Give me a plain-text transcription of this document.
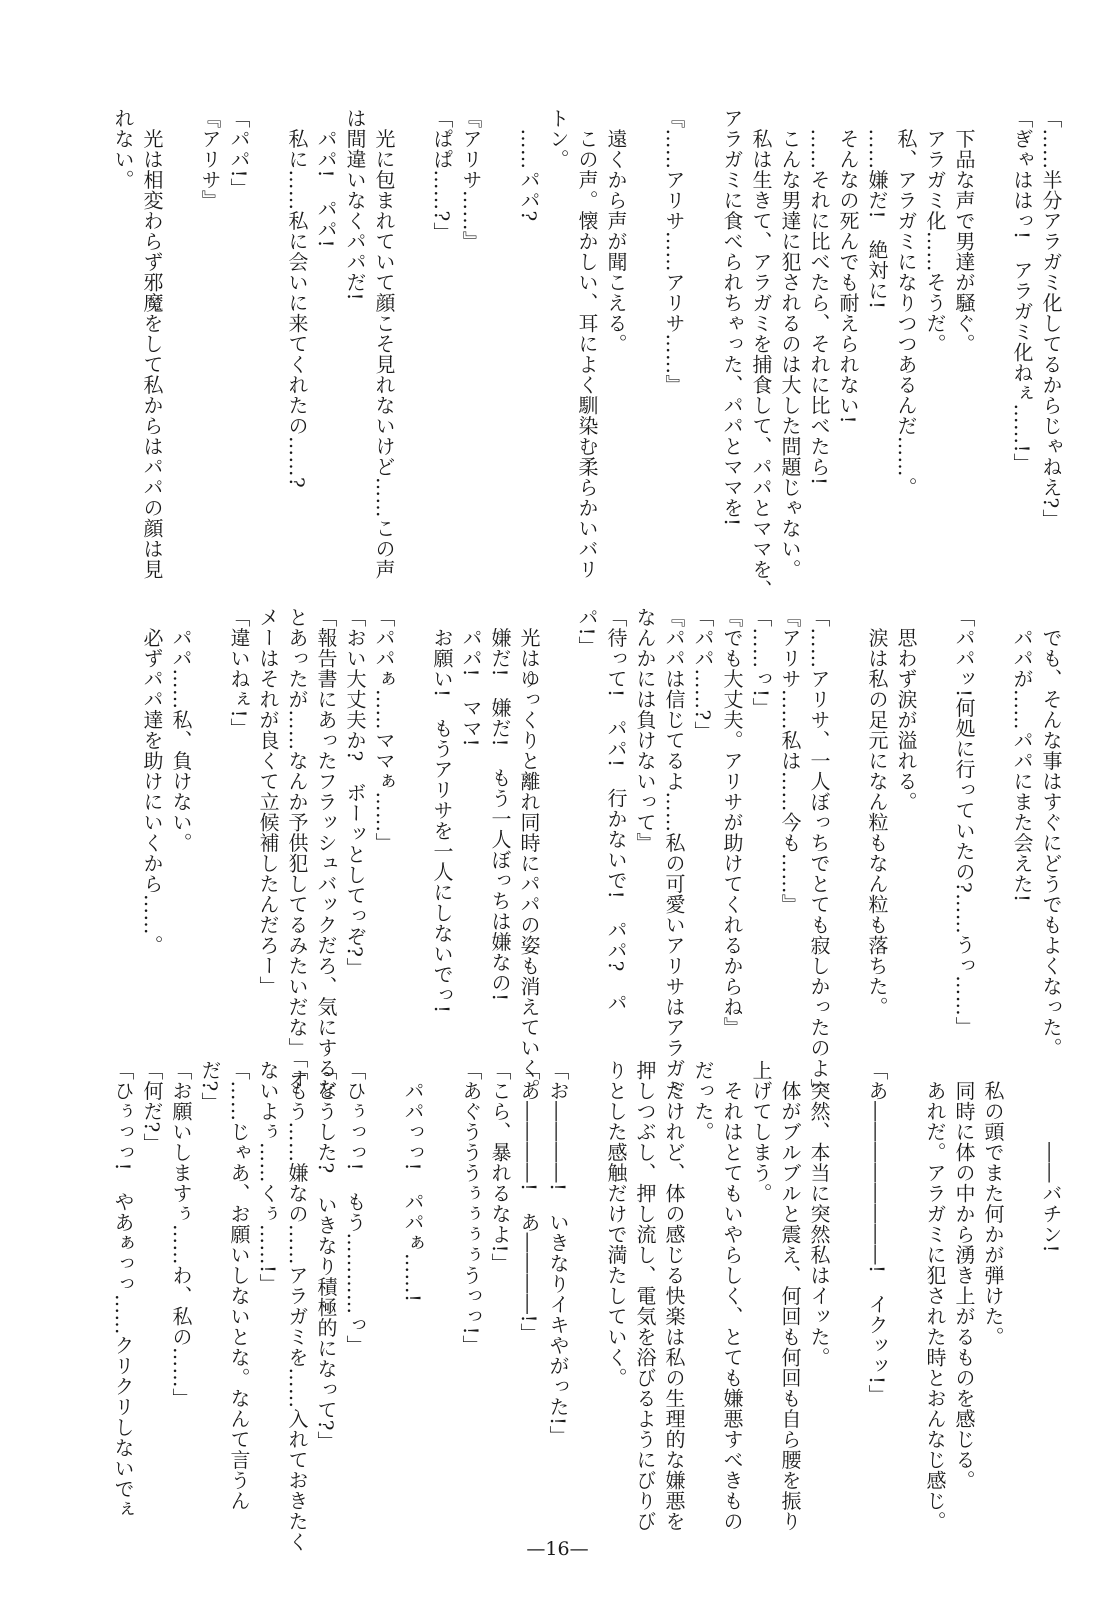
「……半分アラガミ化してるからじゃねえ?」
「ぎゃははっ!　アラガミ化ねぇ……!」

　下品な声で男達が騒ぐ。
　アラガミ化……そうだ。
　私、アラガミになりつつあるんだ……。
　……嫌だ!　絶対に!
　そんなの死んでも耐えられない!
　……それに比べたら、それに比べたら!
　こんな男達に犯されるのは大した問題じゃない。
　私は生きて、アラガミを捕食して、パパとママを、
アラガミに食べられちゃった、パパとママを!

『……アリサ……アリサ……』

　遠くから声が聞こえる。
　この声。懐かしい、耳によく馴染む柔らかいバリ
トン。
　……パパ?

『アリサ……』
「ぱぱ……?」

　光に包まれていて顔こそ見れないけど……この声
は間違いなくパパだ!
　パパ!　パパ!
　私に……私に会いに来てくれたの……?

「パパ!」
『アリサ』

　光は相変わらず邪魔をして私からはパパの顔は見
れない。
　でも、そんな事はすぐにどうでもよくなった。
　パパが……パパにまた会えた!

「パパッ!何処に行っていたの?……うっ……」

　思わず涙が溢れる。
　涙は私の足元になん粒もなん粒も落ちた。

「……アリサ、一人ぼっちでとても寂しかったのよ」
『アリサ……私は……今も……』
「……っ!」
『でも大丈夫。アリサが助けてくれるからね』
「パパ……?」
『パパは信じてるよ……私の可愛いアリサはアラガミ
なんかには負けないって』
「待って!　パパ!　行かないで!　パパ?　パ
パ!」

　光はゆっくりと離れ同時にパパの姿も消えていく。
　嫌だ!　嫌だ!　もう一人ぼっちは嫌なの!
　パパ!　ママ!
　お願い!　もうアリサを一人にしないでっ!

「パパぁ……ママぁ……」
「おい大丈夫か?　ボーッとしてっぞ?」
「報告書にあったフラッシュバックだろ、気にするな
とあったが……なんか予供犯してるみたいだな」「オ
メーはそれが良くて立候補したんだろー」
「違いねぇ!」

　パパ……私、負けない。
　必ずパパ達を助けにいくから……。
　　　　――バチン!

　私の頭でまた何かが弾けた。
　同時に体の中から湧き上がるものを感じる。
　あれだ。アラガミに犯された時とおんなじ感じ。

「あ――――――――!　イクッッ!」

　突然、本当に突然私はイッた。
　体がブルブルと震え、何回も何回も自ら腰を振り
上げてしまう。
　それはとてもいやらしく、とても嫌悪すべきもの
だった。
　だけれど、体の感じる快楽は私の生理的な嫌悪を
押しつぶし、押し流し、電気を浴びるようにびりび
りとした感触だけで満たしていく。

「お――――!　いきなりイキやがった!」
「あ――――!　あ――――!」
「こら、暴れるなよ!」
「あぐうううぅぅぅぅうっっ!」

　パパっっ!　パパぁ……!

「ひぅっっ!　もう…………っ」
「どうした?　いきなり積極的になって?」
「もう……嫌なの……アラガミを……入れておきたく
ないよぅ……くぅ……!」
「……じゃあ、お願いしないとな。なんて言うん
だ?」
「お願いしますぅ……わ、私の……」
「何だ?」
「ひぅっっ!　やあぁっっ……クリクリしないでぇ
—16—
